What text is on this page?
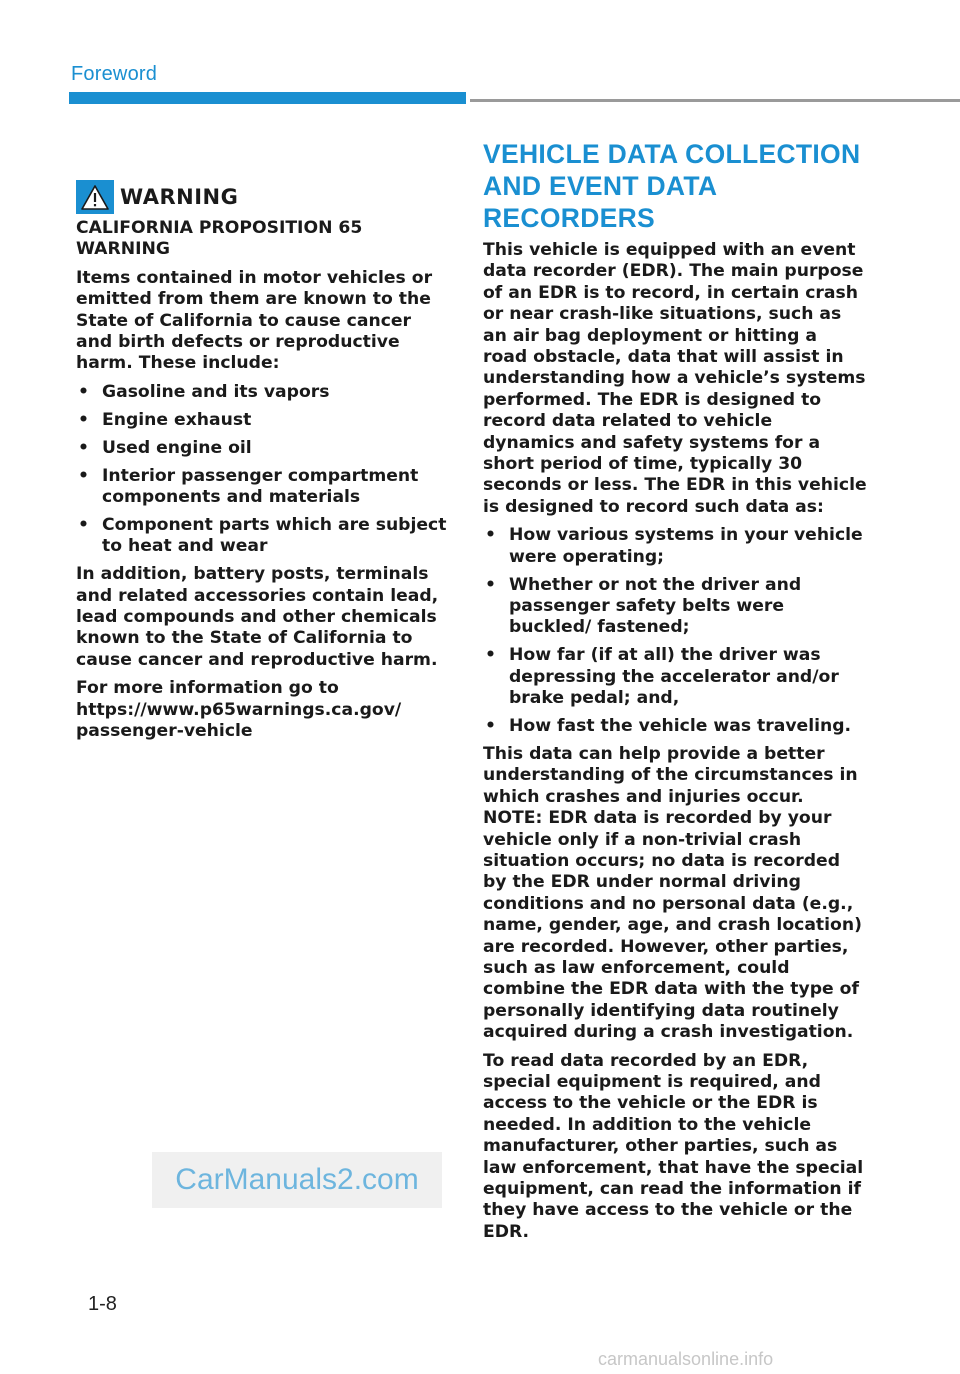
Foreword
WARNING

CALIFORNIA PROPOSITION 65 WARNING

Items contained in motor vehicles or emitted from them are known to the State of California to cause cancer and birth defects or reproductive harm. These include:

• Gasoline and its vapors
• Engine exhaust
• Used engine oil
• Interior passenger compartment components and materials
• Component parts which are subject to heat and wear

In addition, battery posts, terminals and related accessories contain lead, lead compounds and other chemicals known to the State of California to cause cancer and reproductive harm.

For more information go to https://www.p65warnings.ca.gov/ passenger-vehicle

VEHICLE DATA COLLECTION AND EVENT DATA RECORDERS

This vehicle is equipped with an event data recorder (EDR). The main purpose of an EDR is to record, in certain crash or near crash-like situations, such as an air bag deployment or hitting a road obstacle, data that will assist in understanding how a vehicle’s systems performed. The EDR is designed to record data related to vehicle dynamics and safety systems for a short period of time, typically 30 seconds or less. The EDR in this vehicle is designed to record such data as:

• How various systems in your vehicle were operating;
• Whether or not the driver and passenger safety belts were buckled/ fastened;
• How far (if at all) the driver was depressing the accelerator and/or brake pedal; and,
• How fast the vehicle was traveling.

This data can help provide a better understanding of the circumstances in which crashes and injuries occur. NOTE: EDR data is recorded by your vehicle only if a non-trivial crash situation occurs; no data is recorded by the EDR under normal driving conditions and no personal data (e.g., name, gender, age, and crash location) are recorded. However, other parties, such as law enforcement, could combine the EDR data with the type of personally identifying data routinely acquired during a crash investigation.

To read data recorded by an EDR, special equipment is required, and access to the vehicle or the EDR is needed. In addition to the vehicle manufacturer, other parties, such as law enforcement, that have the special equipment, can read the information if they have access to the vehicle or the EDR.

CarManuals2.com
1-8
carmanualsonline.info
